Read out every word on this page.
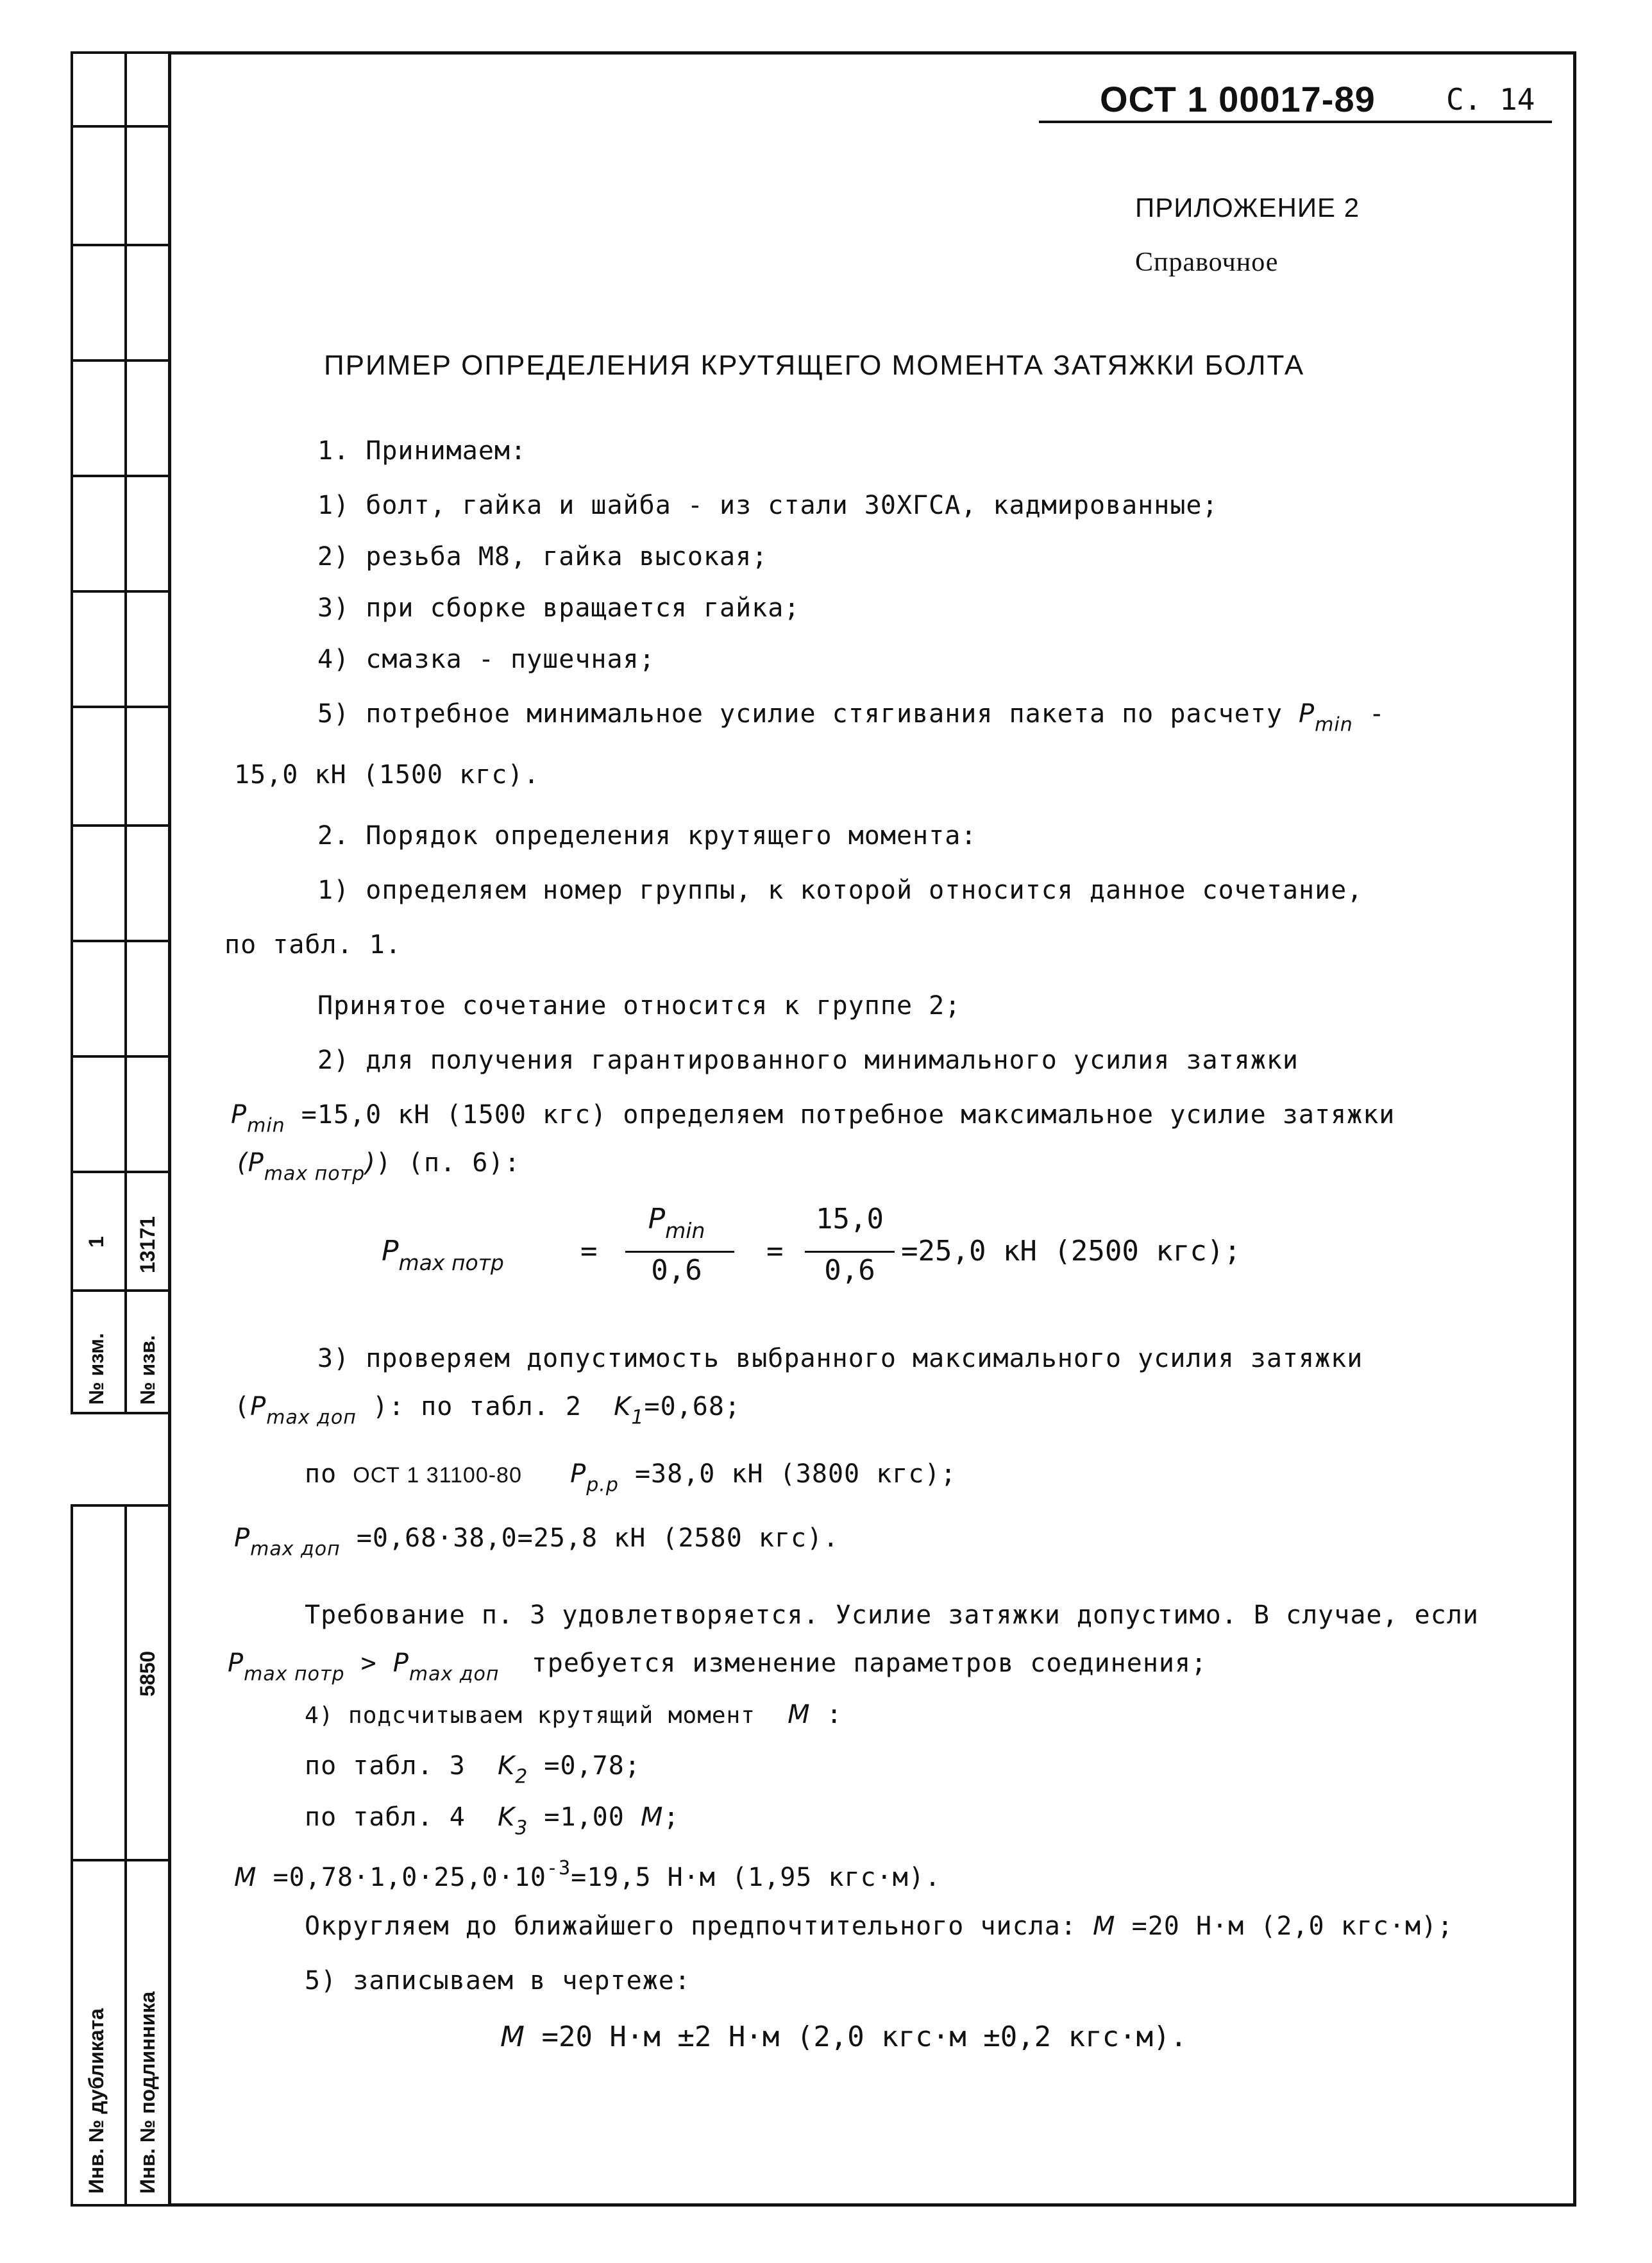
№ изм.
1
№ изв.
13171
5850
Инв. № дубликата Инв. № подлинника
ОСТ 1 00017-89 С. 14
ПРИЛОЖЕНИЕ 2
Справочное
ПРИМЕР ОПРЕДЕЛЕНИЯ КРУТЯЩЕГО МОМЕНТА ЗАТЯЖКИ БОЛТА
1. Принимаем:
1) болт, гайка и шайба - из стали 30ХГСА, кадмированные;
2) резьба М8, гайка высокая;
3) при сборке вращается гайка;
4) смазка - пушечная;
5) потребное минимальное усилие стягивания пакета по расчету $P_{min}$ -
15,0 кН (1500 кгс).
2. Порядок определения крутящего момента:
1) определяем номер группы, к которой относится данное сочетание,
по табл. 1.
Принятое сочетание относится к группе 2;
2) для получения гарантированного минимального усилия затяжки
$P_{min} =15,0$ кН (1500 кгс) определяем потребное максимальное усилие затяжки
$(P_{max потр})$) (п. 6):
$P_{max потр}$	=
$P_{min}$
0,6
=
15,0
0,6
=25,0 кН (2500 кгс);
3) проверяем допустимость выбранного максимального усилия затяжки
($P_{max доп}$ ): по табл. 2 $K_1=0,68$;
по ОСТ 1 31100-80 $P_{р.р} =38,0$ кН (3800 кгс);
$P_{max доп} =0,68\cdot 38,0=25,8$ кН (2580 кгс).
Требование п. 3 удовлетворяется. Усилие затяжки допустимо. В случае, если
$P_{max потр} > P_{max доп}$ требуется изменение параметров соединения;
4) подсчитываем крутящий момент M :
по табл. 3 $K_2 =0,78$;
по табл. 4 $K_3 =1,00$ M;
$M =0,78\cdot 1,0\cdot 25,0\cdot 10^{-3}=19,5$ Н·м (1,95 кгс·м).
Округляем до ближайшего предпочтительного числа: M =20 Н·м (2,0 кгс·м);
5) записываем в чертеже:
M =20 Н·м ±2 Н·м (2,0 кгс·м ±0,2 кгс·м).
